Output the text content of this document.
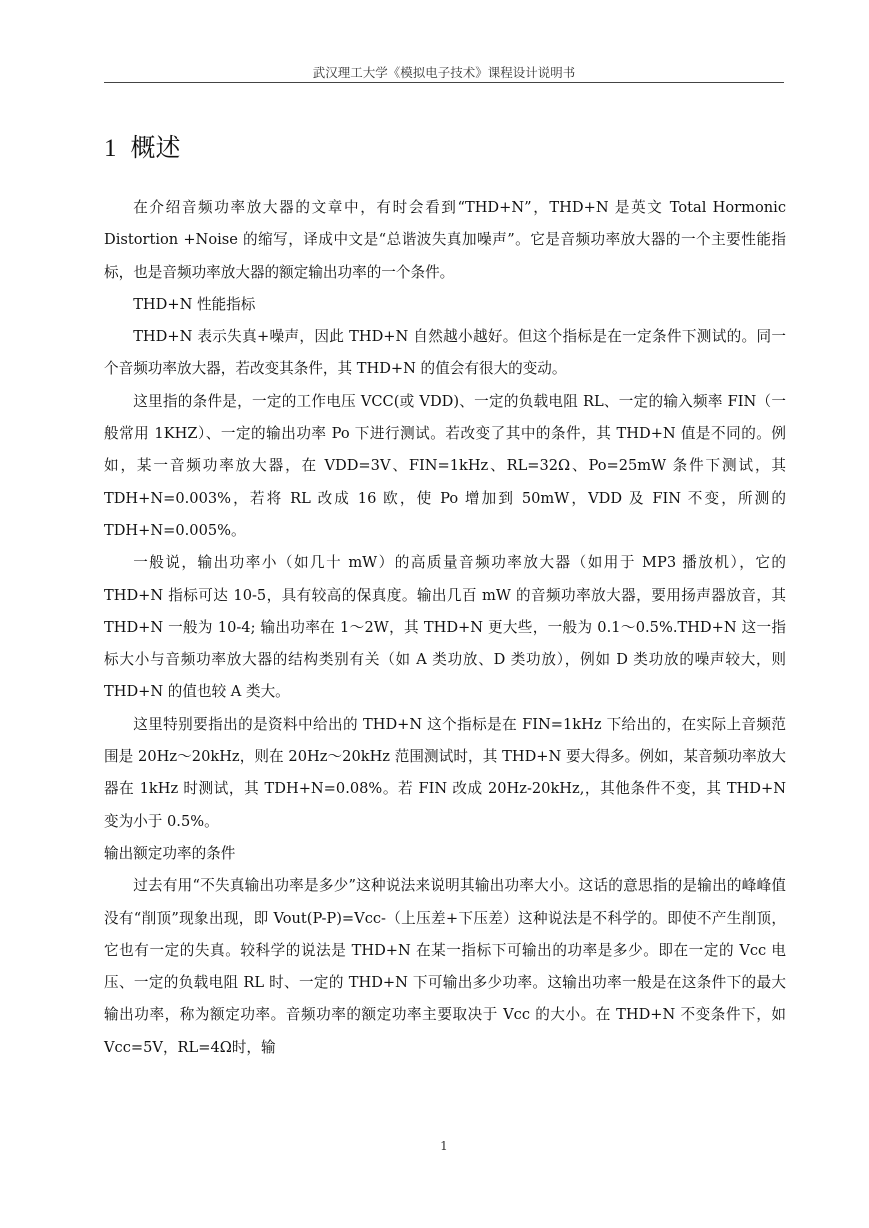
武汉理工大学《模拟电子技术》课程设计说明书
1 概述

在介绍音频功率放大器的文章中，有时会看到“THD+N”，THD+N 是英文 Total Hormonic Distortion +Noise 的缩写，译成中文是“总谐波失真加噪声”。它是音频功率放大器的一个主要性能指标，也是音频功率放大器的额定输出功率的一个条件。

THD+N 性能指标

THD+N 表示失真+噪声，因此 THD+N 自然越小越好。但这个指标是在一定条件下测试的。同一个音频功率放大器，若改变其条件，其 THD+N 的值会有很大的变动。

这里指的条件是，一定的工作电压 VCC(或 VDD)、一定的负载电阻 RL、一定的输入频率 FIN（一般常用 1KHZ）、一定的输出功率 Po 下进行测试。若改变了其中的条件，其 THD+N 值是不同的。例如，某一音频功率放大器，在 VDD=3V、FIN=1kHz、RL=32Ω、Po=25mW 条件下测试，其 TDH+N=0.003%，若将 RL 改成 16 欧，使 Po 增加到 50mW，VDD 及 FIN 不变，所测的 TDH+N=0.005%。

一般说，输出功率小（如几十 mW）的高质量音频功率放大器（如用于 MP3 播放机），它的 THD+N 指标可达 10-5，具有较高的保真度。输出几百 mW 的音频功率放大器，要用扬声器放音，其 THD+N 一般为 10-4; 输出功率在 1～2W，其 THD+N 更大些，一般为 0.1～0.5%.THD+N 这一指标大小与音频功率放大器的结构类别有关（如 A 类功放、D 类功放），例如 D 类功放的噪声较大，则 THD+N 的值也较 A 类大。

这里特别要指出的是资料中给出的 THD+N 这个指标是在 FIN=1kHz 下给出的，在实际上音频范围是 20Hz～20kHz，则在 20Hz～20kHz 范围测试时，其 THD+N 要大得多。例如，某音频功率放大器在 1kHz 时测试，其 TDH+N=0.08%。若 FIN 改成 20Hz-20kHz,，其他条件不变，其 THD+N 变为小于 0.5%。

输出额定功率的条件

过去有用“不失真输出功率是多少”这种说法来说明其输出功率大小。这话的意思指的是输出的峰峰值没有“削顶”现象出现，即 Vout(P-P)=Vcc-（上压差+下压差）这种说法是不科学的。即使不产生削顶，它也有一定的失真。较科学的说法是 THD+N 在某一指标下可输出的功率是多少。即在一定的 Vcc 电压、一定的负载电阻 RL 时、一定的 THD+N 下可输出多少功率。这输出功率一般是在这条件下的最大输出功率，称为额定功率。音频功率的额定功率主要取决于 Vcc 的大小。在 THD+N 不变条件下，如 Vcc=5V，RL=4Ω时，输

1
